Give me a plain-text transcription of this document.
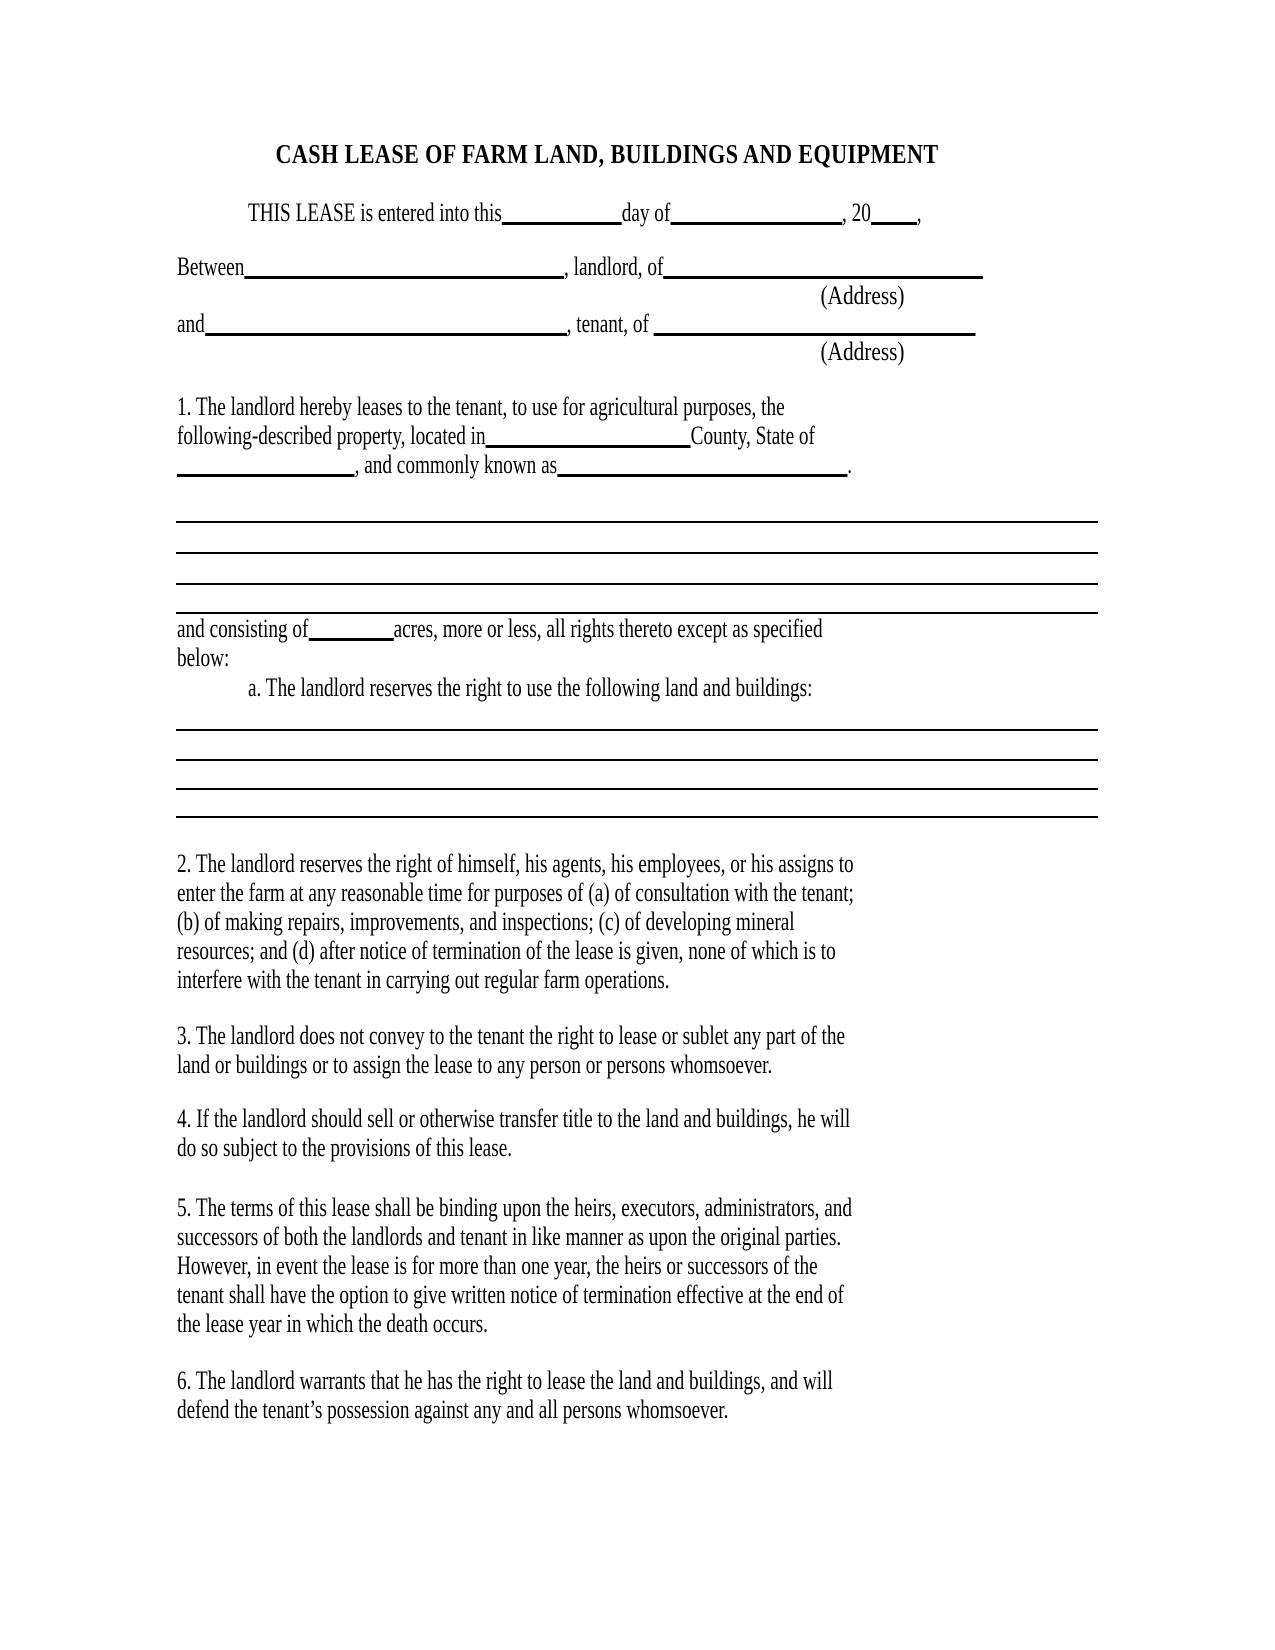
CASH LEASE OF FARM LAND, BUILDINGS AND EQUIPMENT
THIS LEASE is entered into this	day of	, 20 ,
Between	, landlord, of
(Address)
and	, tenant, of
(Address)
1. The landlord hereby leases to the tenant, to use for agricultural purposes, the
following-described property, located in	County, State of
, and commonly known as	.
and consisting of	acres, more or less, all rights thereto except as specified
below:
a. The landlord reserves the right to use the following land and buildings:
2. The landlord reserves the right of himself, his agents, his employees, or his assigns to
enter the farm at any reasonable time for purposes of (a) of consultation with the tenant;
(b) of making repairs, improvements, and inspections; (c) of developing mineral
resources; and (d) after notice of termination of the lease is given, none of which is to
interfere with the tenant in carrying out regular farm operations.
3. The landlord does not convey to the tenant the right to lease or sublet any part of the
land or buildings or to assign the lease to any person or persons whomsoever.
4. If the landlord should sell or otherwise transfer title to the land and buildings, he will
do so subject to the provisions of this lease.
5. The terms of this lease shall be binding upon the heirs, executors, administrators, and
successors of both the landlords and tenant in like manner as upon the original parties.
However, in event the lease is for more than one year, the heirs or successors of the
tenant shall have the option to give written notice of termination effective at the end of
the lease year in which the death occurs.
6. The landlord warrants that he has the right to lease the land and buildings, and will
defend the tenant’s possession against any and all persons whomsoever.
